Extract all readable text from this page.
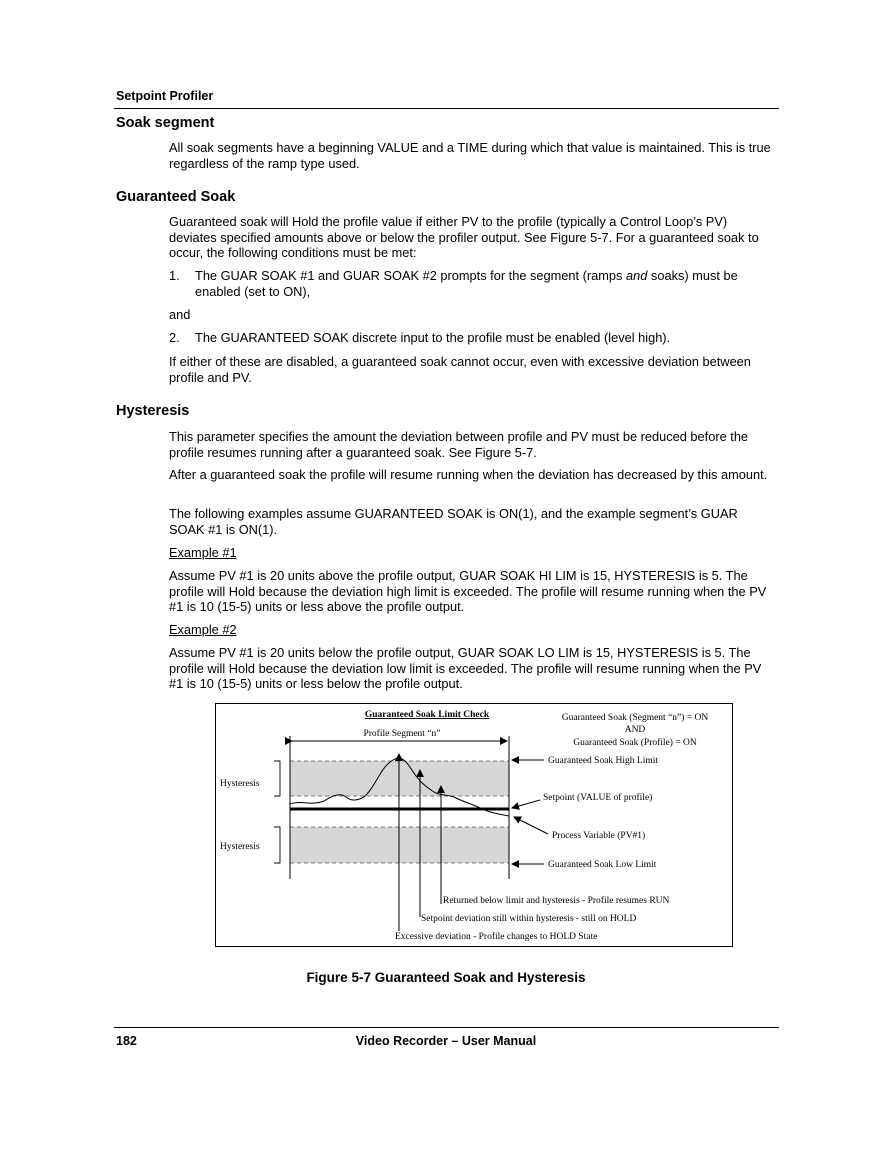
Setpoint Profiler
Soak segment
All soak segments have a beginning VALUE and a TIME during which that value is maintained. This is true regardless of the ramp type used.
Guaranteed Soak
Guaranteed soak will Hold the profile value if either PV to the profile (typically a Control Loop’s PV) deviates specified amounts above or below the profiler output. See Figure 5-7. For a guaranteed soak to occur, the following conditions must be met:
1. The GUAR SOAK #1 and GUAR SOAK #2 prompts for the segment (ramps and soaks) must be enabled (set to ON),
and
2. The GUARANTEED SOAK discrete input to the profile must be enabled (level high).
If either of these are disabled, a guaranteed soak cannot occur, even with excessive deviation between profile and PV.
Hysteresis
This parameter specifies the amount the deviation between profile and PV must be reduced before the profile resumes running after a guaranteed soak. See Figure 5-7.
After a guaranteed soak the profile will resume running when the deviation has decreased by this amount.
The following examples assume GUARANTEED SOAK is ON(1), and the example segment’s GUAR SOAK #1 is ON(1).
Example #1
Assume PV #1 is 20 units above the profile output, GUAR SOAK HI LIM is 15, HYSTERESIS is 5. The profile will Hold because the deviation high limit is exceeded. The profile will resume running when the PV #1 is 10 (15-5) units or less above the profile output.
Example #2
Assume PV #1 is 20 units below the profile output, GUAR SOAK LO LIM is 15, HYSTERESIS is 5. The profile will Hold because the deviation low limit is exceeded. The profile will resume running when the PV #1 is 10 (15-5) units or less below the profile output.
Guaranteed Soak Limit Check
Profile Segment “n”
Guaranteed Soak (Segment “n”) = ON
AND
Guaranteed Soak (Profile) = ON
Hysteresis
Hysteresis
Guaranteed Soak High Limit
Setpoint (VALUE of profile)
Process Variable (PV#1)
Guaranteed Soak Low Limit
Returned below limit and hysteresis - Profile resumes RUN
Setpoint deviation still within hysteresis - still on HOLD
Excessive deviation - Profile changes to HOLD State
Figure 5-7 Guaranteed Soak and Hysteresis
182	Video Recorder – User Manual
